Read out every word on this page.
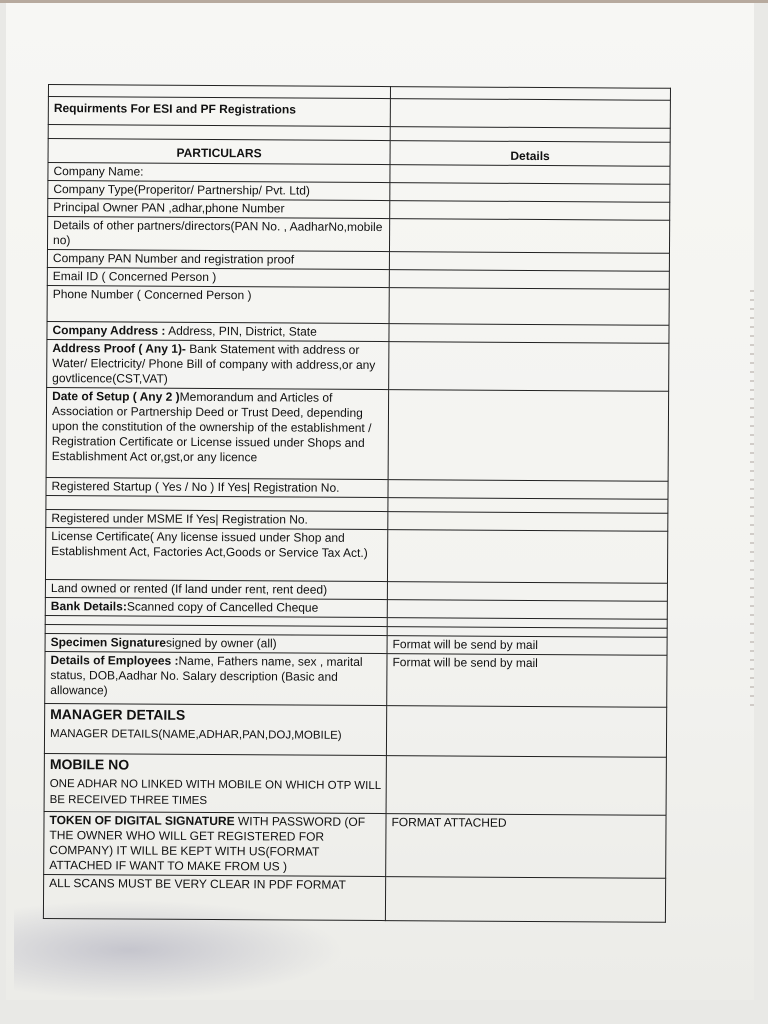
Requirments For ESI and PF Registrations	

PARTICULARS	Details
Company Name:	
Company Type(Properitor/ Partnership/ Pvt. Ltd)	
Principal Owner PAN ,adhar,phone Number	
Details of other partners/directors(PAN No. , AadharNo,mobile no)	
Company PAN Number and registration proof	
Email ID ( Concerned Person )	
Phone Number ( Concerned Person )	
Company Address : Address, PIN, District, State	
Address Proof ( Any 1)- Bank Statement with address or Water/ Electricity/ Phone Bill of company with address,or any govtlicence(CST,VAT)	
Date of Setup ( Any 2 )Memorandum and Articles of Association or Partnership Deed or Trust Deed, depending upon the constitution of the ownership of the establishment / Registration Certificate or License issued under Shops and Establishment Act or,gst,or any licence	
Registered Startup ( Yes / No ) If Yes| Registration No.	

Registered under MSME If Yes| Registration No.	
License Certificate( Any license issued under Shop and Establishment Act, Factories Act,Goods or Service Tax Act.)	
Land owned or rented (If land under rent, rent deed)	
Bank Details:Scanned copy of Cancelled Cheque	

Specimen Signaturesigned by owner (all)	Format will be send by mail
Details of Employees :Name, Fathers name, sex , marital status, DOB,Aadhar No. Salary description (Basic and allowance)	Format will be send by mail

MANAGER DETAILS
MANAGER DETAILS(NAME,ADHAR,PAN,DOJ,MOBILE)	

MOBILE NO
ONE ADHAR NO LINKED WITH MOBILE ON WHICH OTP WILL BE RECEIVED THREE TIMES	
TOKEN OF DIGITAL SIGNATURE WITH PASSWORD (OF THE OWNER WHO WILL GET REGISTERED FOR COMPANY) IT WILL BE KEPT WITH US(FORMAT ATTACHED IF WANT TO MAKE FROM US )	FORMAT ATTACHED
ALL SCANS MUST BE VERY CLEAR IN PDF FORMAT	
